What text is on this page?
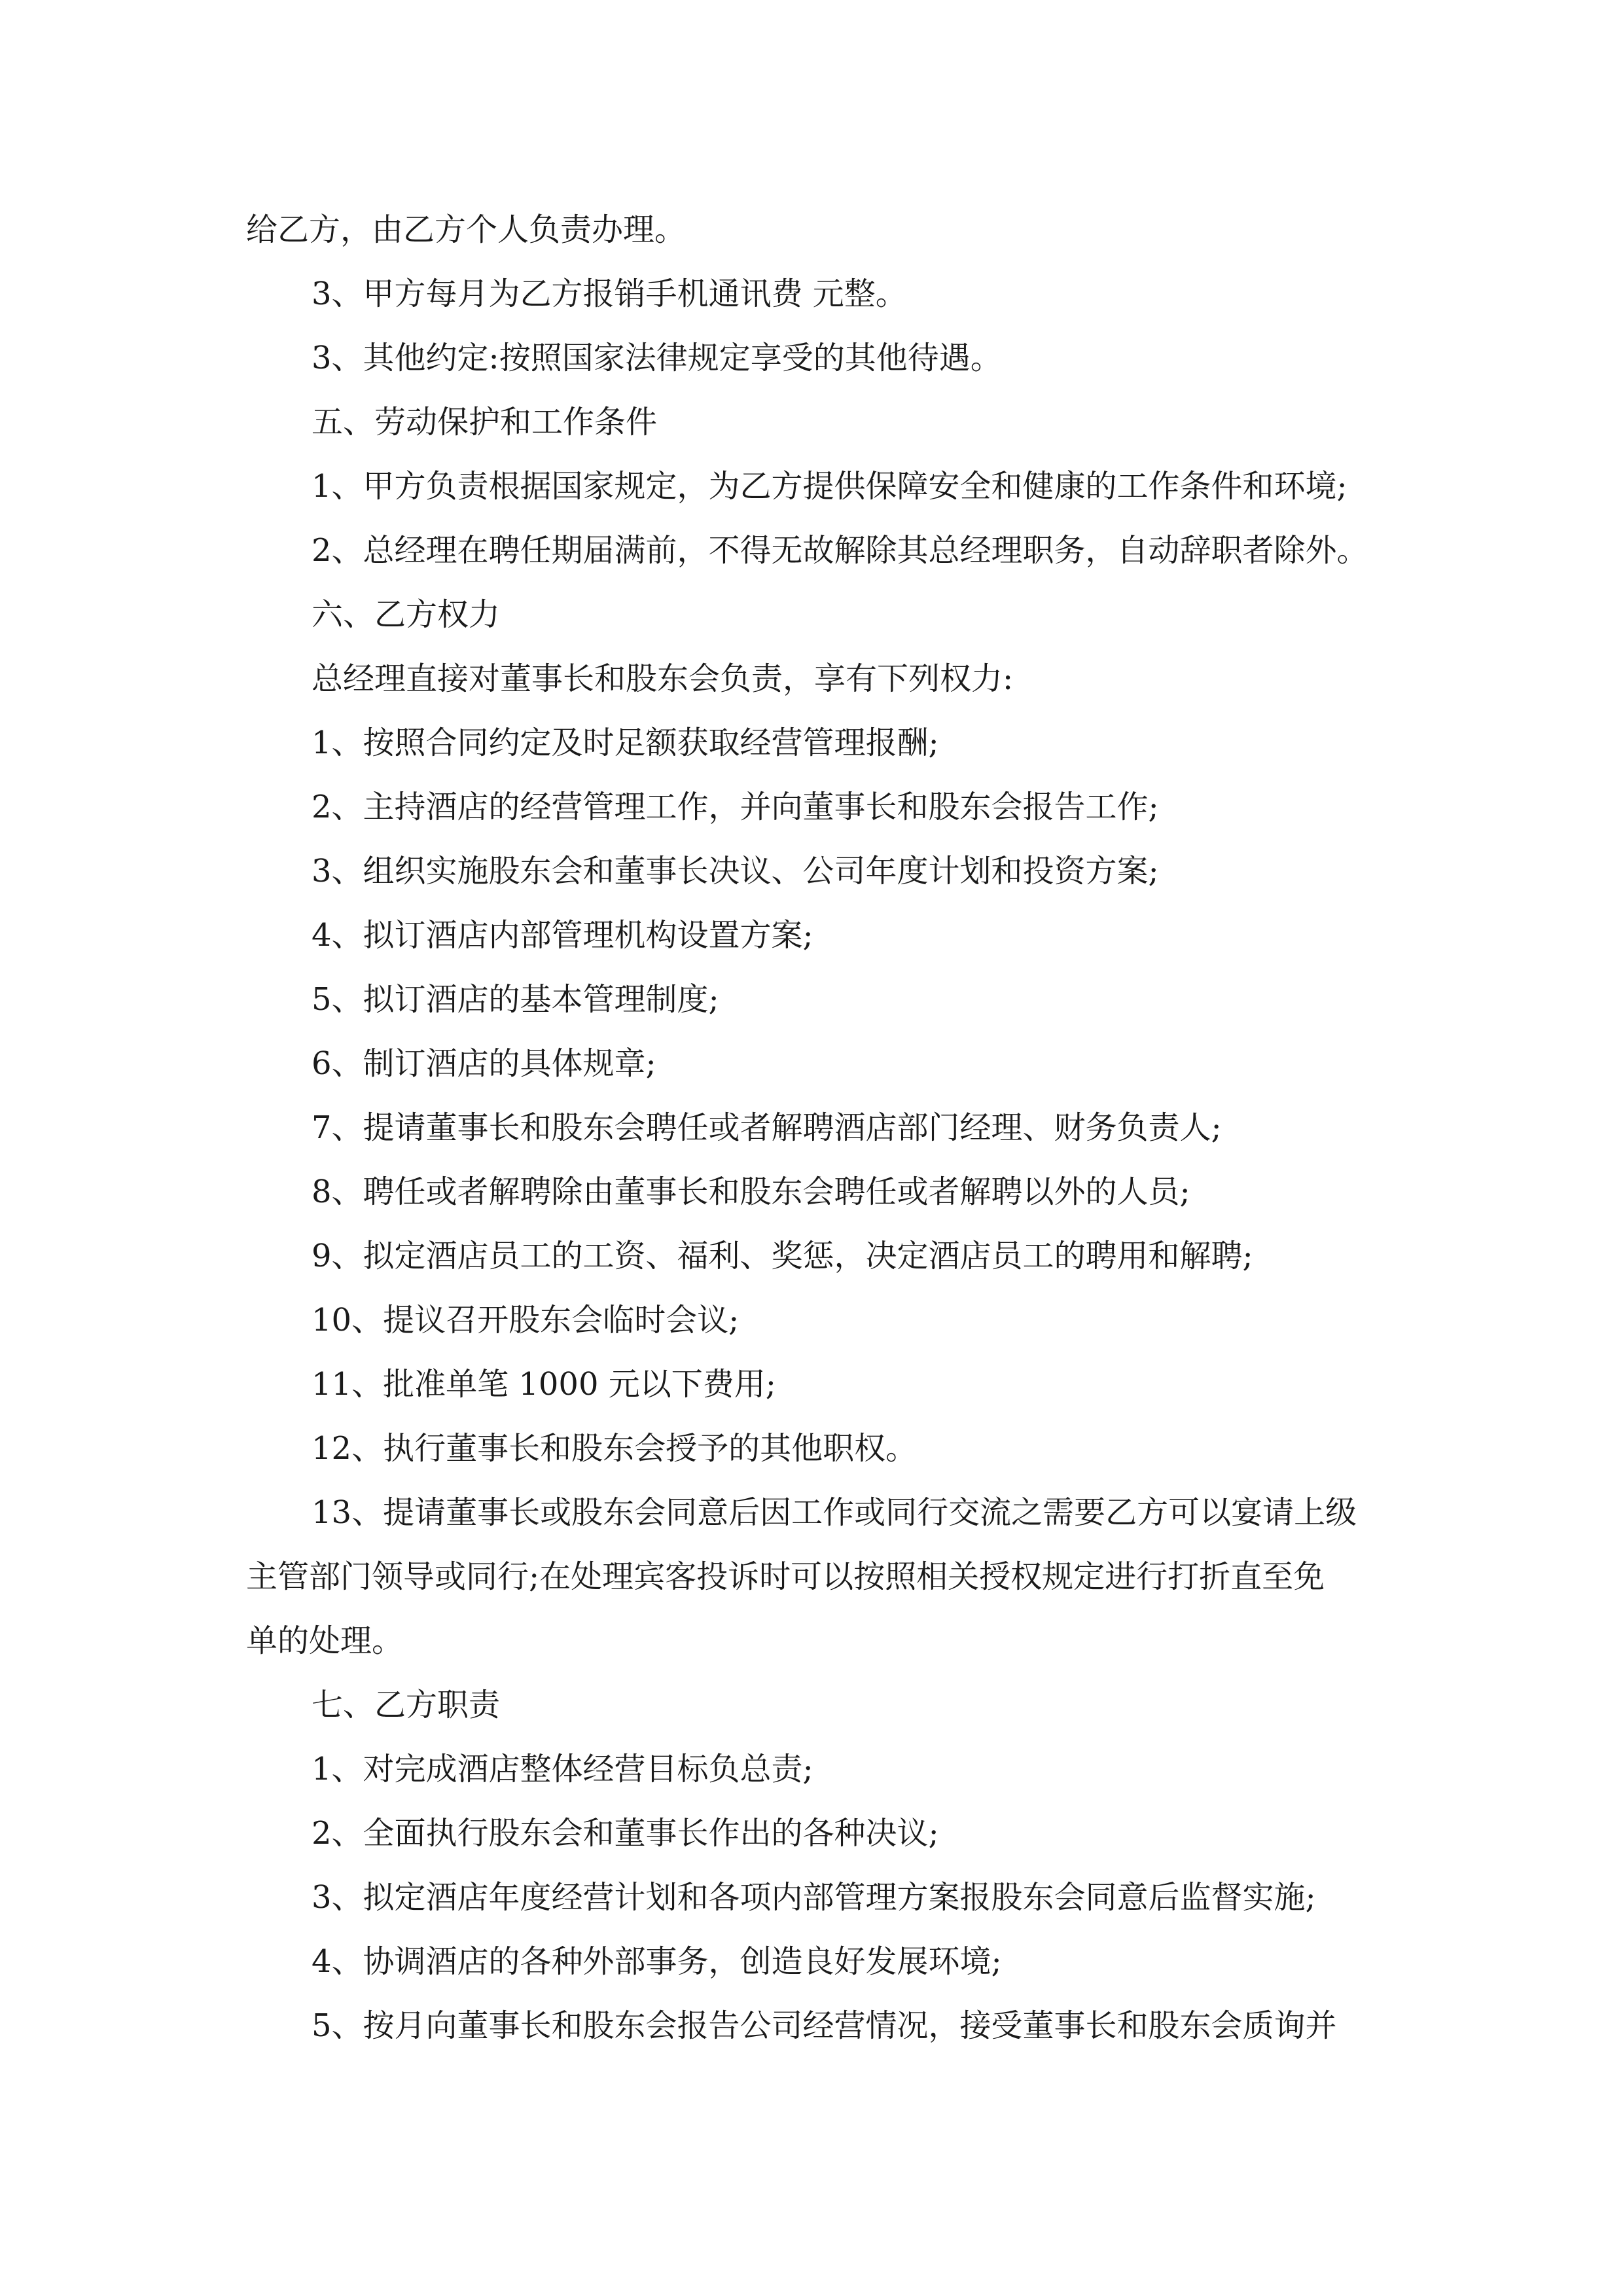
给乙方，由乙方个人负责办理。

3、甲方每月为乙方报销手机通讯费 元整。

3、其他约定:按照国家法律规定享受的其他待遇。

五、劳动保护和工作条件

1、甲方负责根据国家规定，为乙方提供保障安全和健康的工作条件和环境;

2、总经理在聘任期届满前，不得无故解除其总经理职务，自动辞职者除外。

六、乙方权力

总经理直接对董事长和股东会负责，享有下列权力:

1、按照合同约定及时足额获取经营管理报酬;

2、主持酒店的经营管理工作，并向董事长和股东会报告工作;

3、组织实施股东会和董事长决议、公司年度计划和投资方案;

4、拟订酒店内部管理机构设置方案;

5、拟订酒店的基本管理制度;

6、制订酒店的具体规章;

7、提请董事长和股东会聘任或者解聘酒店部门经理、财务负责人;

8、聘任或者解聘除由董事长和股东会聘任或者解聘以外的人员;

9、拟定酒店员工的工资、福利、奖惩，决定酒店员工的聘用和解聘;

10、提议召开股东会临时会议;

11、批准单笔 1000 元以下费用;

12、执行董事长和股东会授予的其他职权。

13、提请董事长或股东会同意后因工作或同行交流之需要乙方可以宴请上级

主管部门领导或同行;在处理宾客投诉时可以按照相关授权规定进行打折直至免

单的处理。

七、乙方职责

1、对完成酒店整体经营目标负总责;

2、全面执行股东会和董事长作出的各种决议;

3、拟定酒店年度经营计划和各项内部管理方案报股东会同意后监督实施;

4、协调酒店的各种外部事务，创造良好发展环境;

5、按月向董事长和股东会报告公司经营情况，接受董事长和股东会质询并
